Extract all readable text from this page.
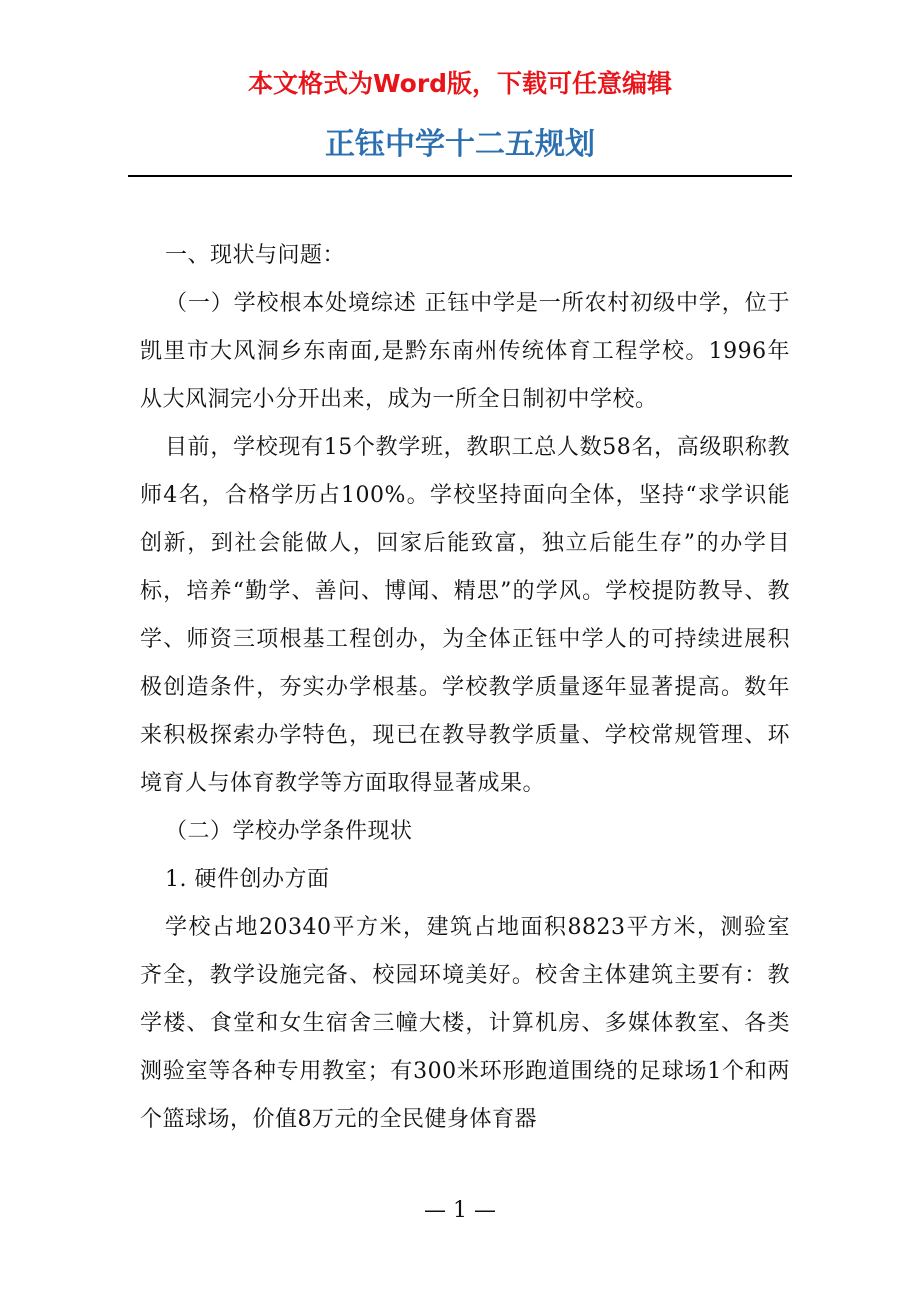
本文格式为Word版，下载可任意编辑
正钰中学十二五规划

一、现状与问题：

（一）学校根本处境综述 正钰中学是一所农村初级中学，位于凯里市大风洞乡东南面,是黔东南州传统体育工程学校。1996年从大风洞完小分开出来，成为一所全日制初中学校。

目前，学校现有15个教学班，教职工总人数58名，高级职称教师4名，合格学历占100%。学校坚持面向全体，坚持“求学识能创新，到社会能做人，回家后能致富，独立后能生存”的办学目标，培养“勤学、善问、博闻、精思”的学风。学校提防教导、教学、师资三项根基工程创办，为全体正钰中学人的可持续进展积极创造条件，夯实办学根基。学校教学质量逐年显著提高。数年来积极探索办学特色，现已在教导教学质量、学校常规管理、环境育人与体育教学等方面取得显著成果。

（二）学校办学条件现状

1. 硬件创办方面

学校占地20340平方米，建筑占地面积8823平方米，测验室齐全，教学设施完备、校园环境美好。校舍主体建筑主要有：教学楼、食堂和女生宿舍三幢大楼，计算机房、多媒体教室、各类测验室等各种专用教室；有300米环形跑道围绕的足球场1个和两个篮球场，价值8万元的全民健身体育器

— 1 —
